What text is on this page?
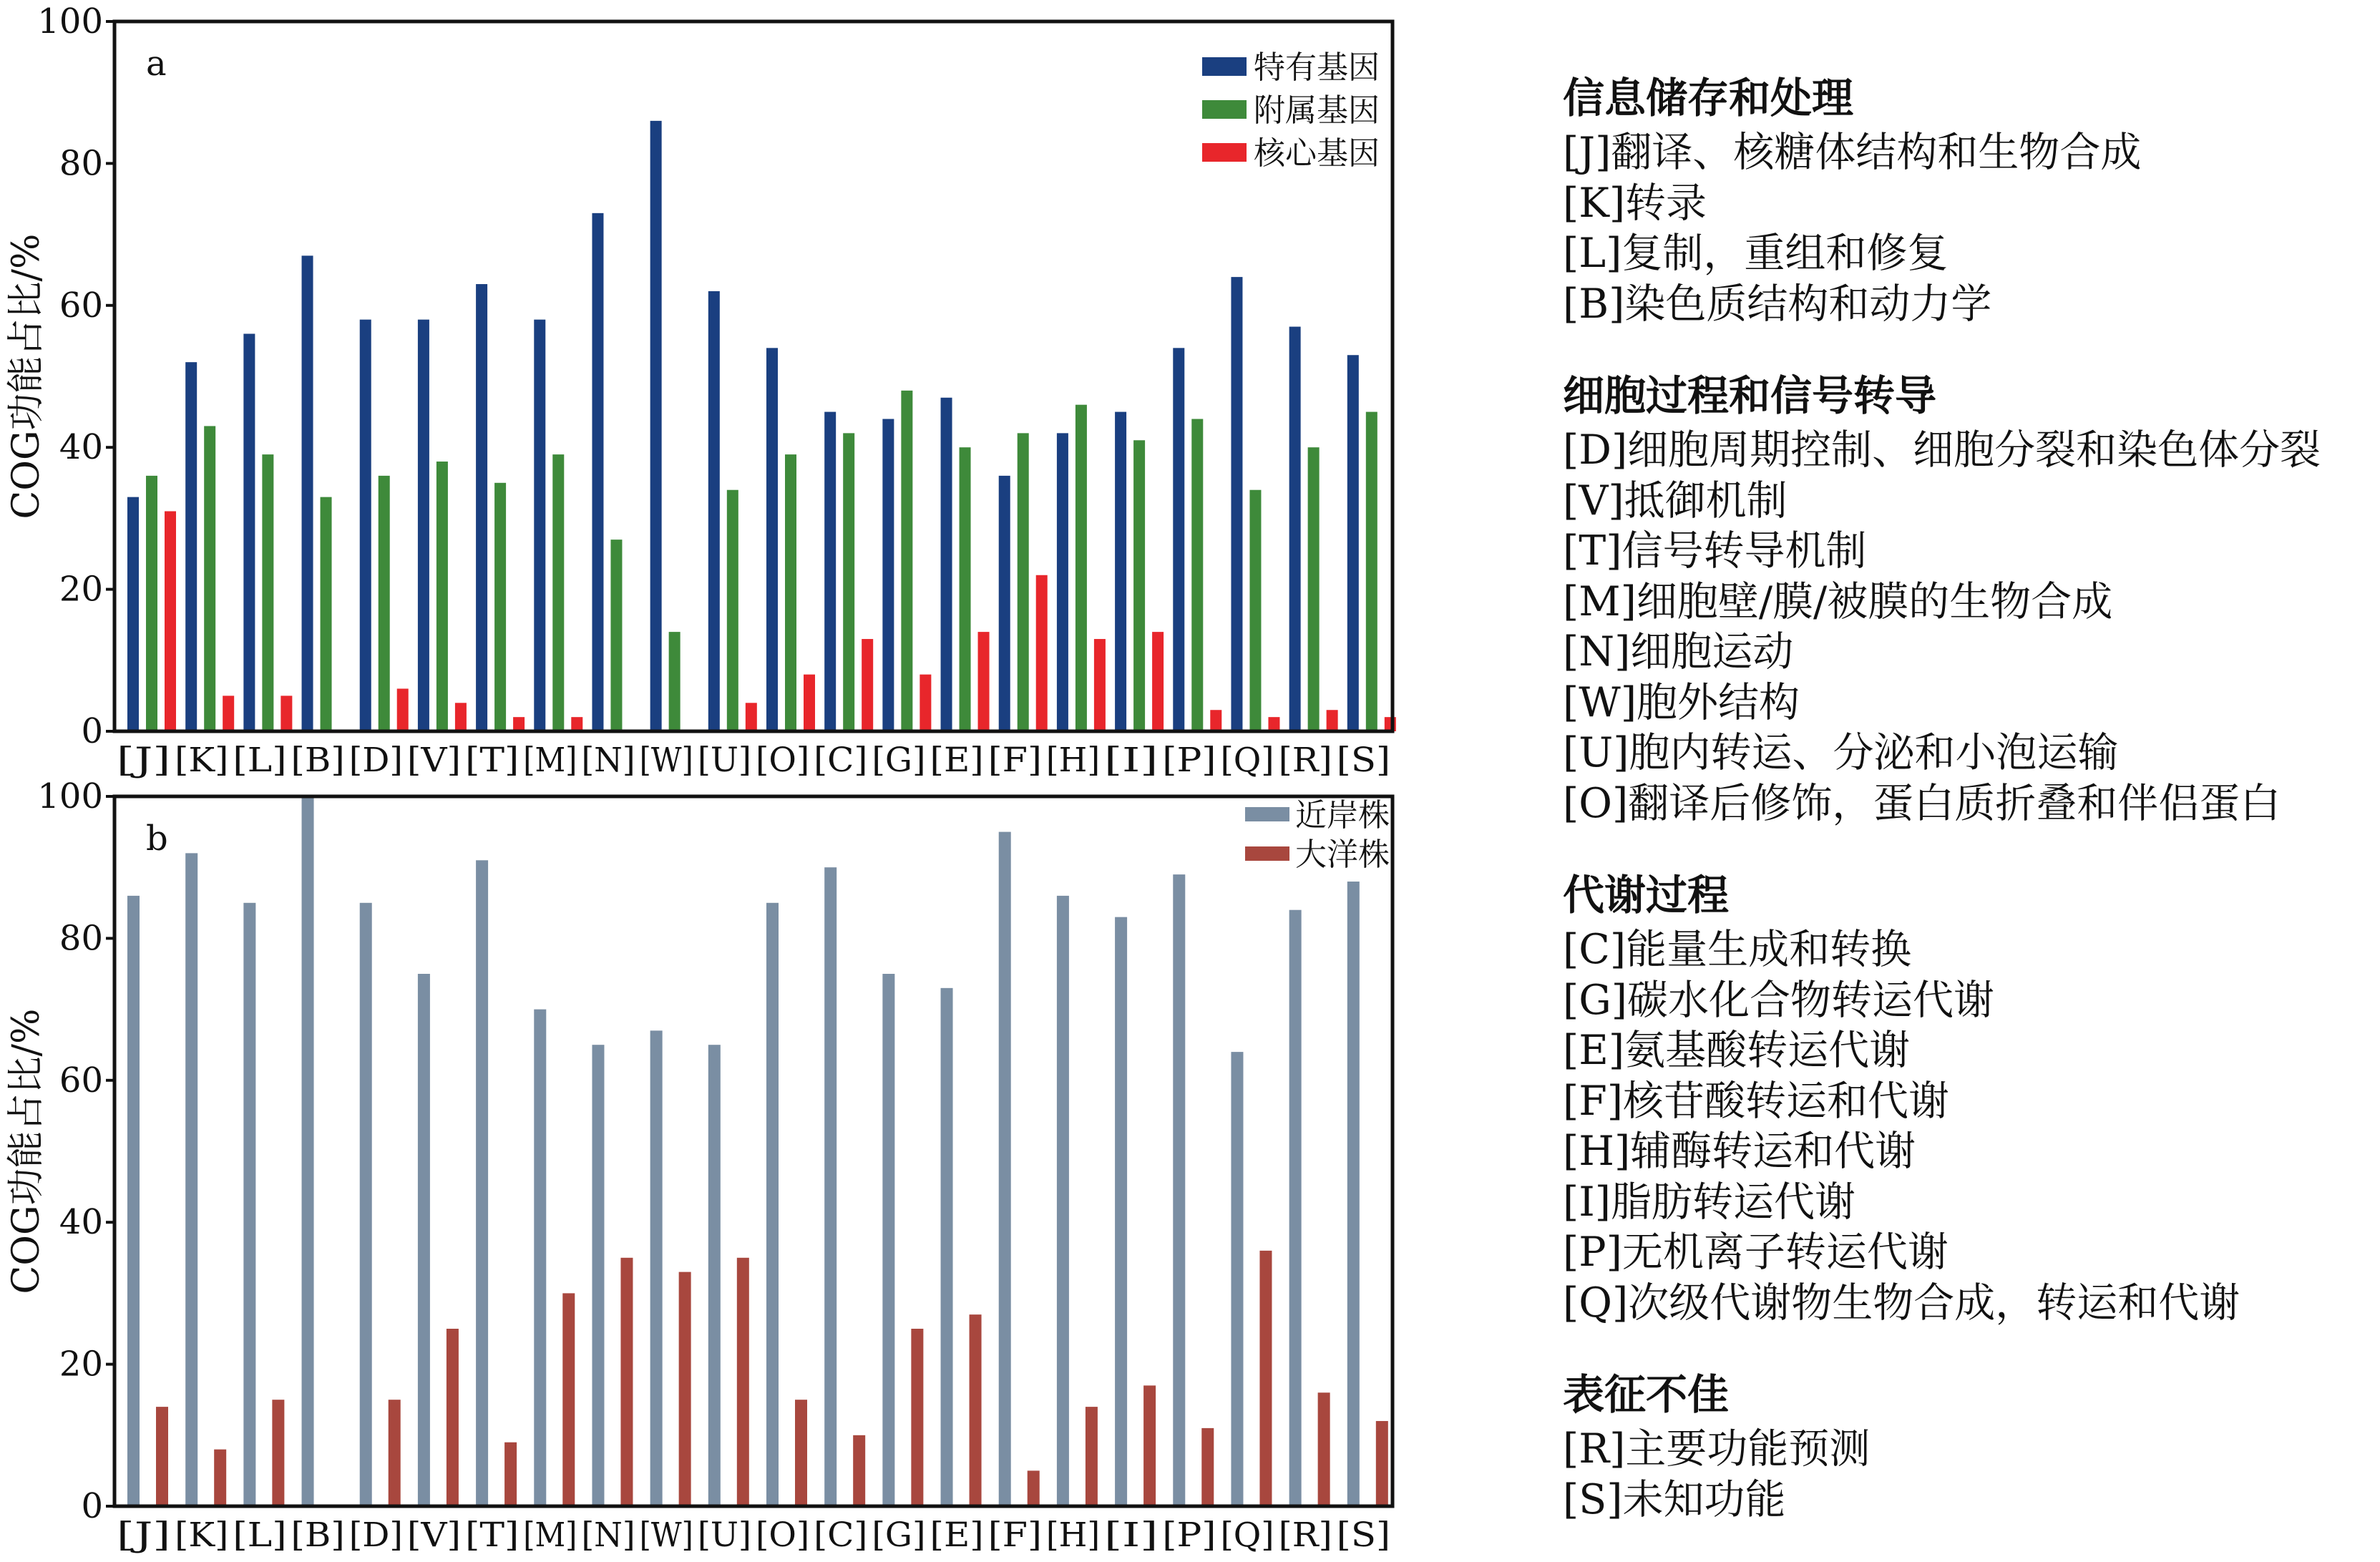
0
20
40
60
80
100
COG功能占比/%
[J] [K] [L] [B] [D] [V] [T] [M] [N] [W] [U] [O] [C] [G] [E] [F] [H] [I] [P] [Q] [R] [S]
a	特有基因
附属基因
核心基因
0
20
40
60
80
100
COG功能占比/%
[J] [K] [L] [B] [D] [V] [T] [M] [N] [W] [U] [O] [C] [G] [E] [F] [H] [I] [P] [Q] [R] [S]
b
近岸株
大洋株
信息储存和处理
[J]翻译、核糖体结构和生物合成
[K]转录
[L]复制，重组和修复
[B]染色质结构和动力学
细胞过程和信号转导
[D]细胞周期控制、细胞分裂和染色体分裂
[V]抵御机制
[T]信号转导机制
[M]细胞壁/膜/被膜的生物合成
[N]细胞运动
[W]胞外结构
[U]胞内转运、分泌和小泡运输
[O]翻译后修饰，蛋白质折叠和伴侣蛋白
代谢过程
[C]能量生成和转换
[G]碳水化合物转运代谢
[E]氨基酸转运代谢
[F]核苷酸转运和代谢
[H]辅酶转运和代谢
[I]脂肪转运代谢
[P]无机离子转运代谢
[Q]次级代谢物生物合成，转运和代谢
表征不佳
[R]主要功能预测
[S]未知功能
